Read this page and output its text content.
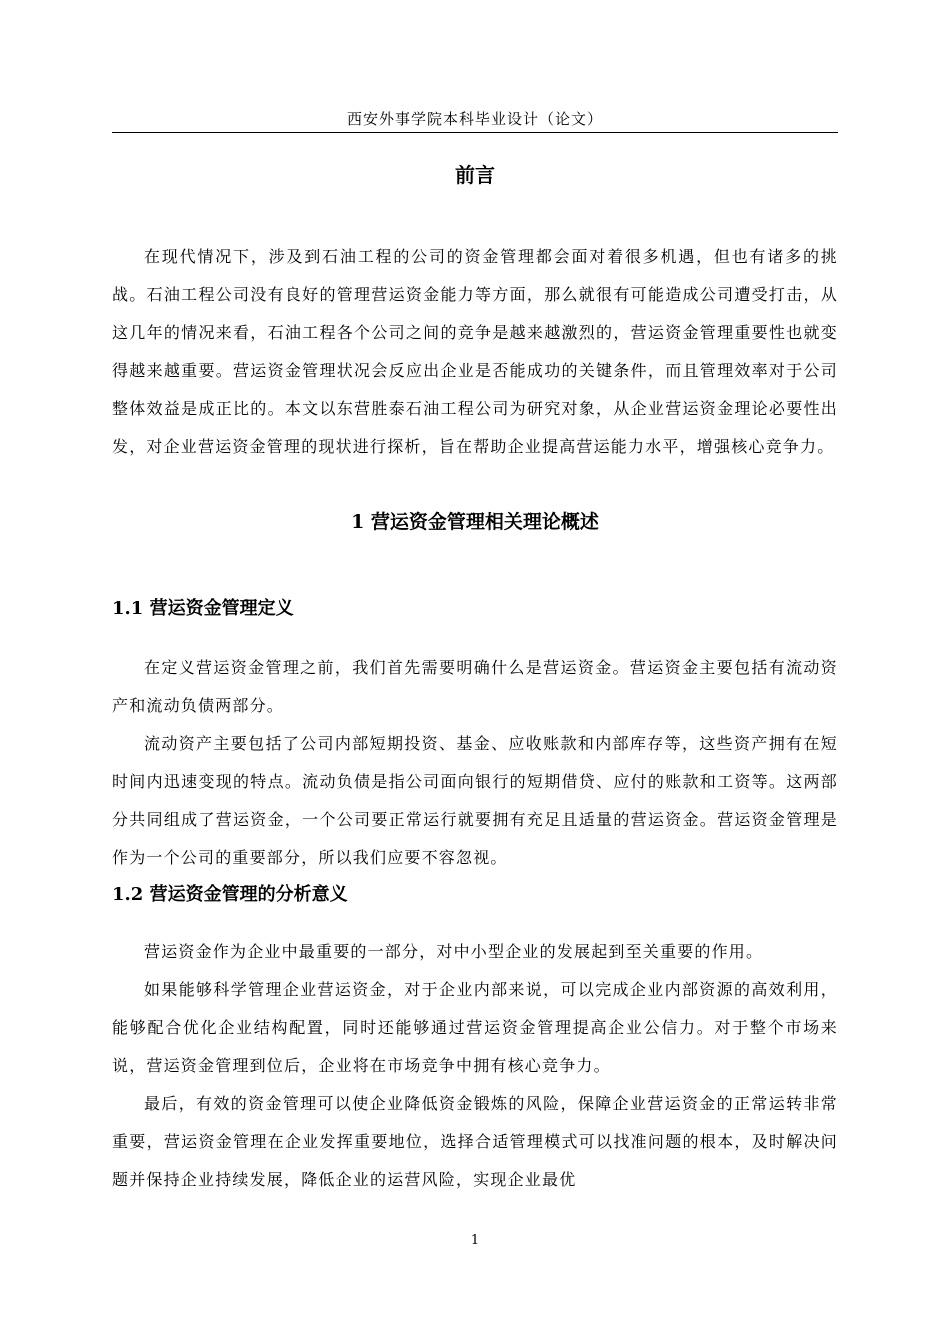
西安外事学院本科毕业设计（论文）
前言

在现代情况下，涉及到石油工程的公司的资金管理都会面对着很多机遇，但也有诸多的挑战。石油工程公司没有良好的管理营运资金能力等方面，那么就很有可能造成公司遭受打击，从这几年的情况来看，石油工程各个公司之间的竞争是越来越激烈的，营运资金管理重要性也就变得越来越重要。营运资金管理状况会反应出企业是否能成功的关键条件，而且管理效率对于公司整体效益是成正比的。本文以东营胜泰石油工程公司为研究对象，从企业营运资金理论必要性出发，对企业营运资金管理的现状进行探析，旨在帮助企业提高营运能力水平，增强核心竞争力。

1 营运资金管理相关理论概述
1.1 营运资金管理定义

在定义营运资金管理之前，我们首先需要明确什么是营运资金。营运资金主要包括有流动资产和流动负债两部分。

流动资产主要包括了公司内部短期投资、基金、应收账款和内部库存等，这些资产拥有在短时间内迅速变现的特点。流动负债是指公司面向银行的短期借贷、应付的账款和工资等。这两部分共同组成了营运资金，一个公司要正常运行就要拥有充足且适量的营运资金。营运资金管理是作为一个公司的重要部分，所以我们应要不容忽视。

1.2 营运资金管理的分析意义

营运资金作为企业中最重要的一部分，对中小型企业的发展起到至关重要的作用。

如果能够科学管理企业营运资金，对于企业内部来说，可以完成企业内部资源的高效利用，能够配合优化企业结构配置，同时还能够通过营运资金管理提高企业公信力。对于整个市场来说，营运资金管理到位后，企业将在市场竞争中拥有核心竞争力。

最后，有效的资金管理可以使企业降低资金锻炼的风险，保障企业营运资金的正常运转非常重要，营运资金管理在企业发挥重要地位，选择合适管理模式可以找准问题的根本，及时解决问题并保持企业持续发展，降低企业的运营风险，实现企业最优

1
